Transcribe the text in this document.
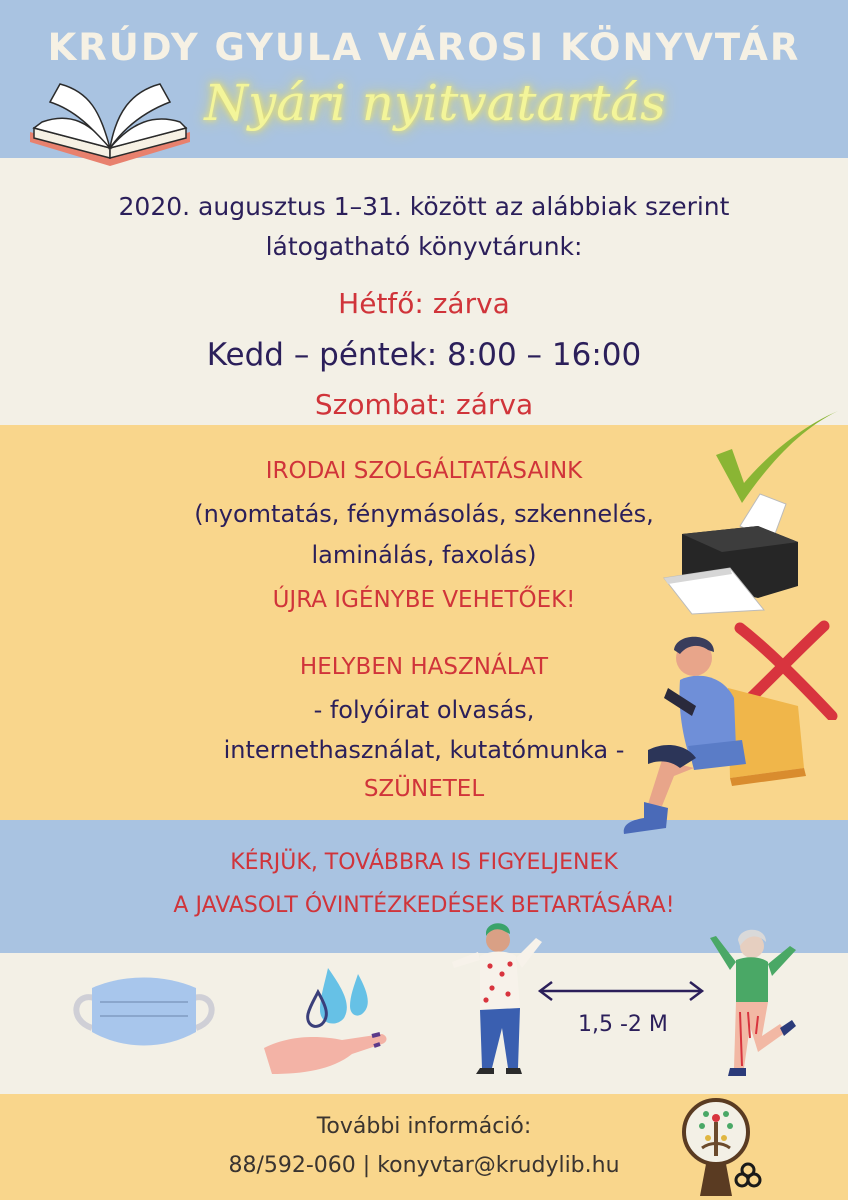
KRÚDY GYULA VÁROSI KÖNYVTÁR

Nyári nyitvatartás

2020. augusztus 1–31. között az alábbiak szerint

látogatható könyvtárunk:

Hétfő: zárva

Kedd – péntek: 8:00 – 16:00

Szombat: zárva

IRODAI SZOLGÁLTATÁSAINK

(nyomtatás, fénymásolás, szkennelés,

laminálás, faxolás)

ÚJRA IGÉNYBE VEHETŐEK!

HELYBEN HASZNÁLAT

- folyóirat olvasás,

internethasználat, kutatómunka -

SZÜNETEL

KÉRJÜK, TOVÁBBRA IS FIGYELJENEK

A JAVASOLT ÓVINTÉZKEDÉSEK BETARTÁSÁRA!

1,5 -2 M

További információ:

88/592-060 | konyvtar@krudylib.hu
